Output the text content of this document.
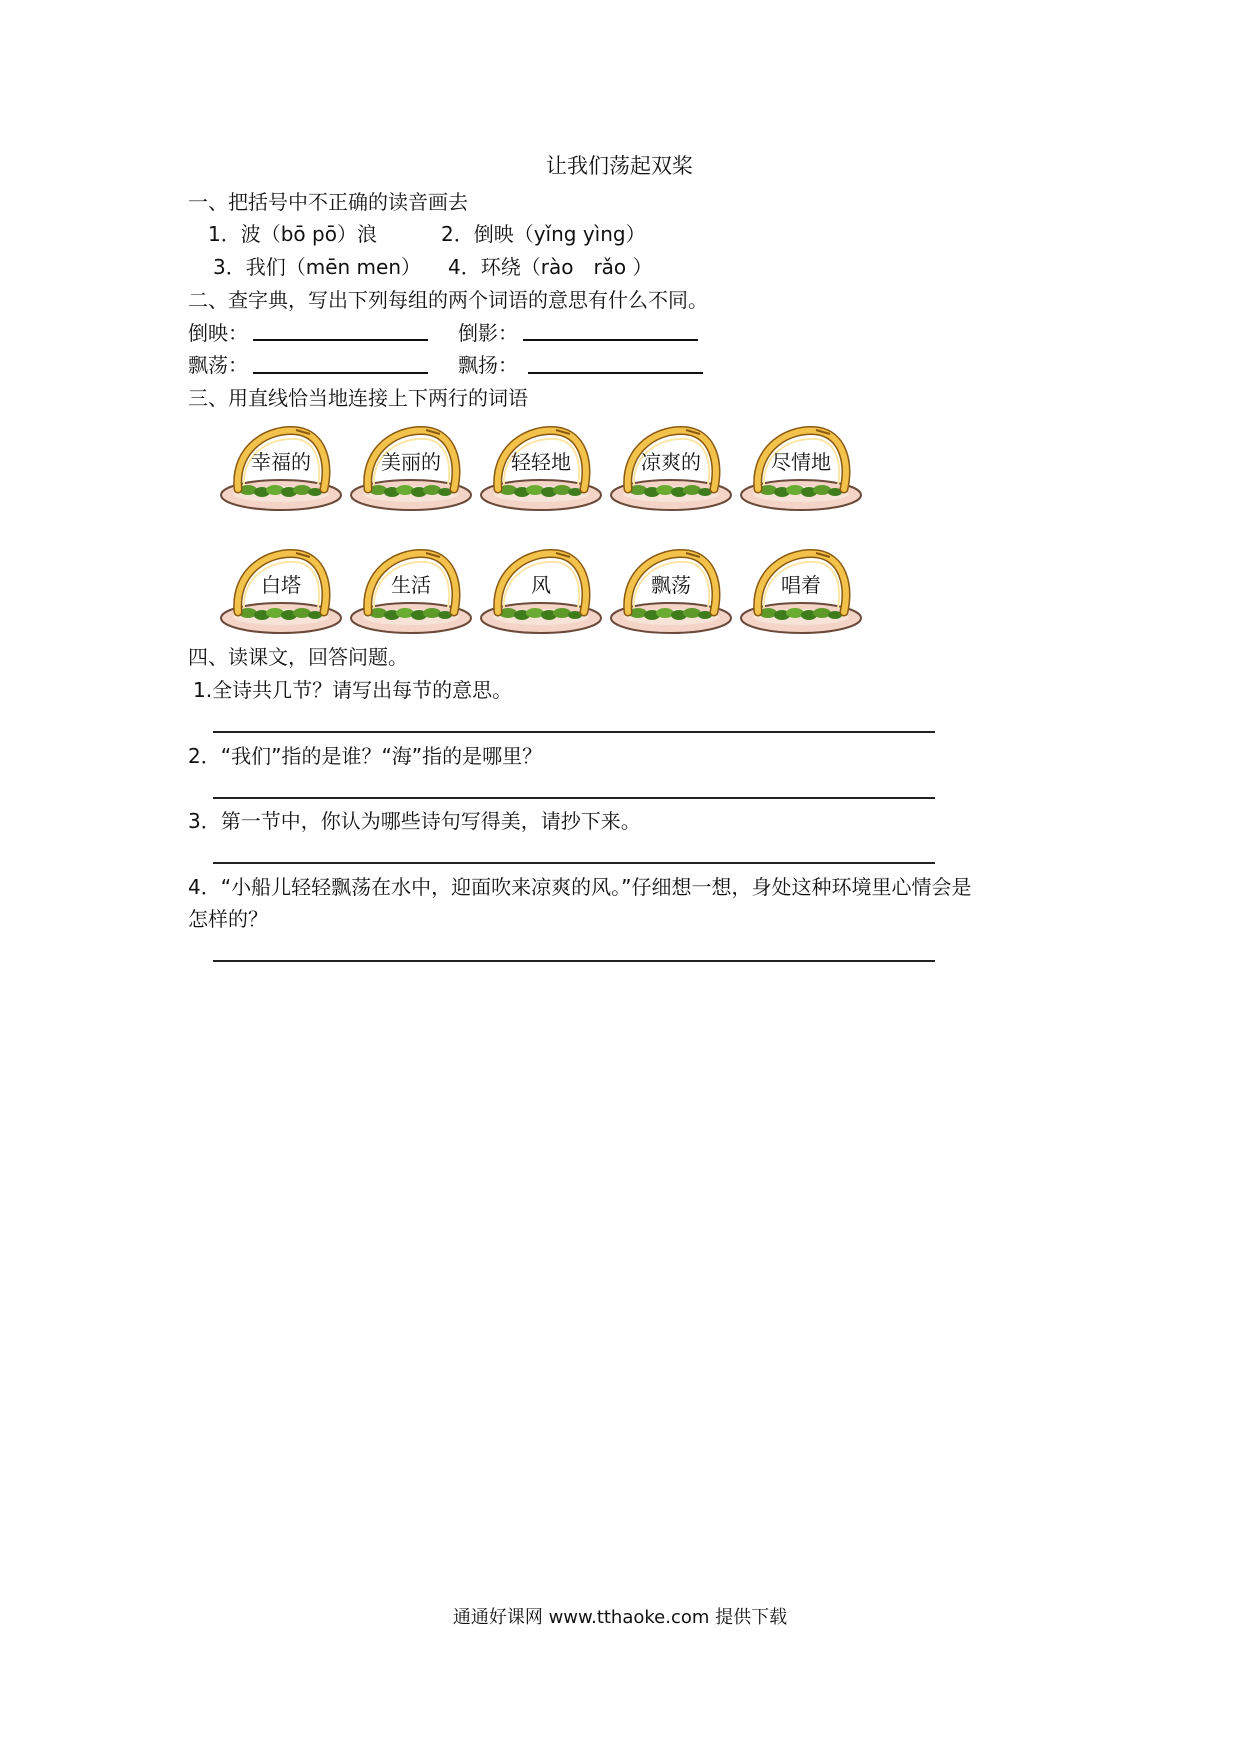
让我们荡起双桨
一、把括号中不正确的读音画去
1．波（bō pō）浪	2．倒映（yǐng yìng）
3．我们（mēn men） 4．环绕（rào　rǎo ）
二、查字典，写出下列每组的两个词语的意思有什么不同。
倒映：	倒影：
飘荡：	飘扬：
三、用直线恰当地连接上下两行的词语
幸福的	美丽的	轻轻地	凉爽的	尽情地
白塔	生活	风	飘荡	唱着
四、读课文，回答问题。
1.全诗共几节？请写出每节的意思。
2．“我们”指的是谁？“海”指的是哪里？
3．第一节中，你认为哪些诗句写得美，请抄下来。
4．“小船儿轻轻飘荡在水中，迎面吹来凉爽的风。”仔细想一想，身处这种环境里心情会是
怎样的？
通通好课网 www.tthaoke.com 提供下载
